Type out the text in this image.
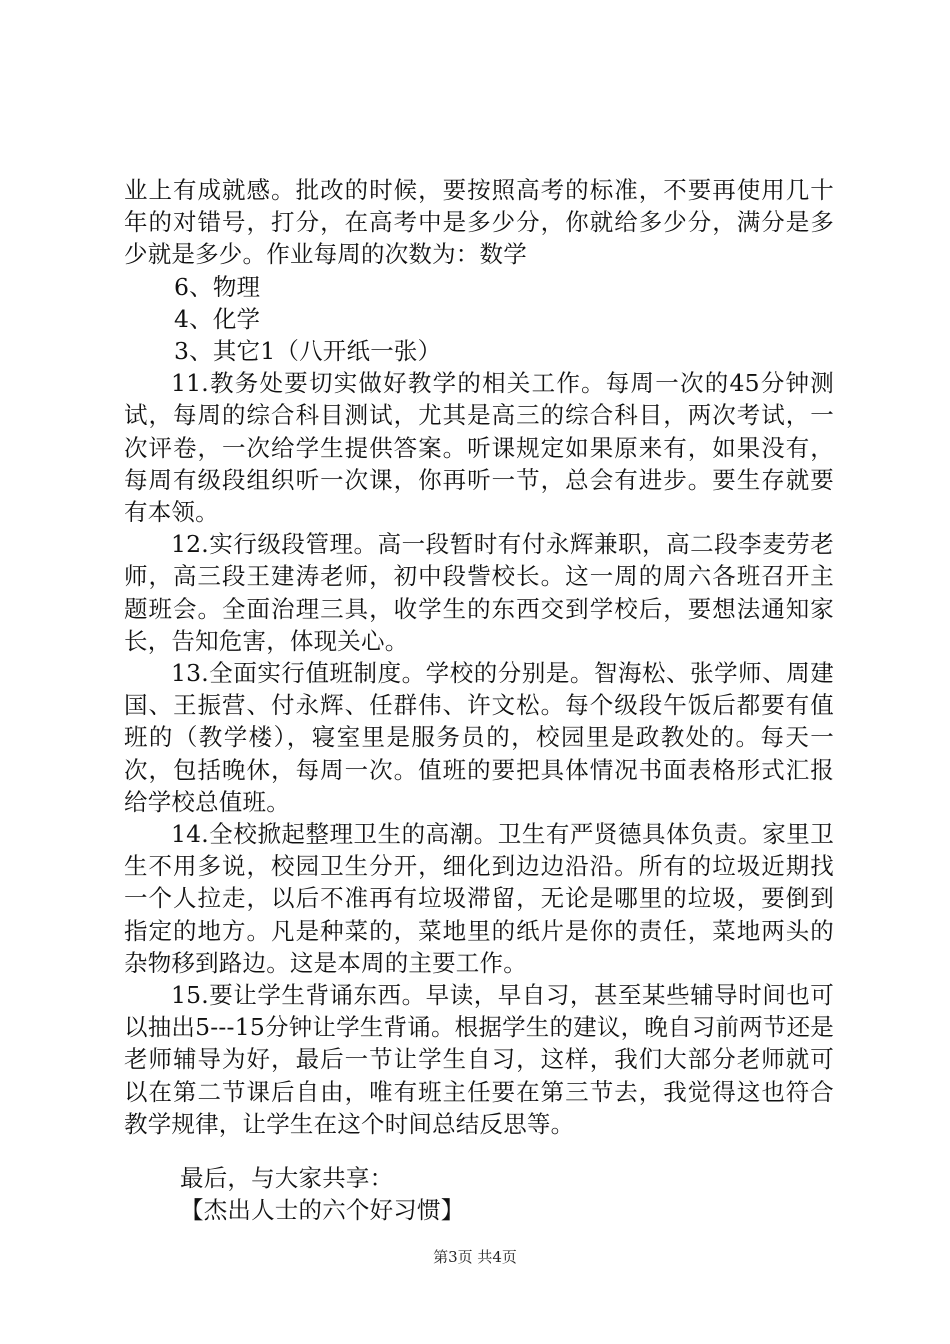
业上有成就感。批改的时候，要按照高考的标准，不要再使用几十年的对错号，打分，在高考中是多少分，你就给多少分，满分是多少就是多少。作业每周的次数为：数学

6、物理

4、化学

3、其它1（八开纸一张）

11.教务处要切实做好教学的相关工作。每周一次的45分钟测试，每周的综合科目测试，尤其是高三的综合科目，两次考试，一次评卷，一次给学生提供答案。听课规定如果原来有，如果没有，每周有级段组织听一次课，你再听一节，总会有进步。要生存就要有本领。

12.实行级段管理。高一段暂时有付永辉兼职，高二段李麦劳老师，高三段王建涛老师，初中段訾校长。这一周的周六各班召开主题班会。全面治理三具，收学生的东西交到学校后，要想法通知家长，告知危害，体现关心。

13.全面实行值班制度。学校的分别是。智海松、张学师、周建国、王振营、付永辉、任群伟、许文松。每个级段午饭后都要有值班的（教学楼），寝室里是服务员的，校园里是政教处的。每天一次，包括晚休，每周一次。值班的要把具体情况书面表格形式汇报给学校总值班。

14.全校掀起整理卫生的高潮。卫生有严贤德具体负责。家里卫生不用多说，校园卫生分开，细化到边边沿沿。所有的垃圾近期找一个人拉走，以后不准再有垃圾滞留，无论是哪里的垃圾，要倒到指定的地方。凡是种菜的，菜地里的纸片是你的责任，菜地两头的杂物移到路边。这是本周的主要工作。

15.要让学生背诵东西。早读，早自习，甚至某些辅导时间也可以抽出5---15分钟让学生背诵。根据学生的建议，晚自习前两节还是老师辅导为好，最后一节让学生自习，这样，我们大部分老师就可以在第二节课后自由，唯有班主任要在第三节去，我觉得这也符合教学规律，让学生在这个时间总结反思等。

最后，与大家共享：

【杰出人士的六个好习惯】

第3页 共4页
